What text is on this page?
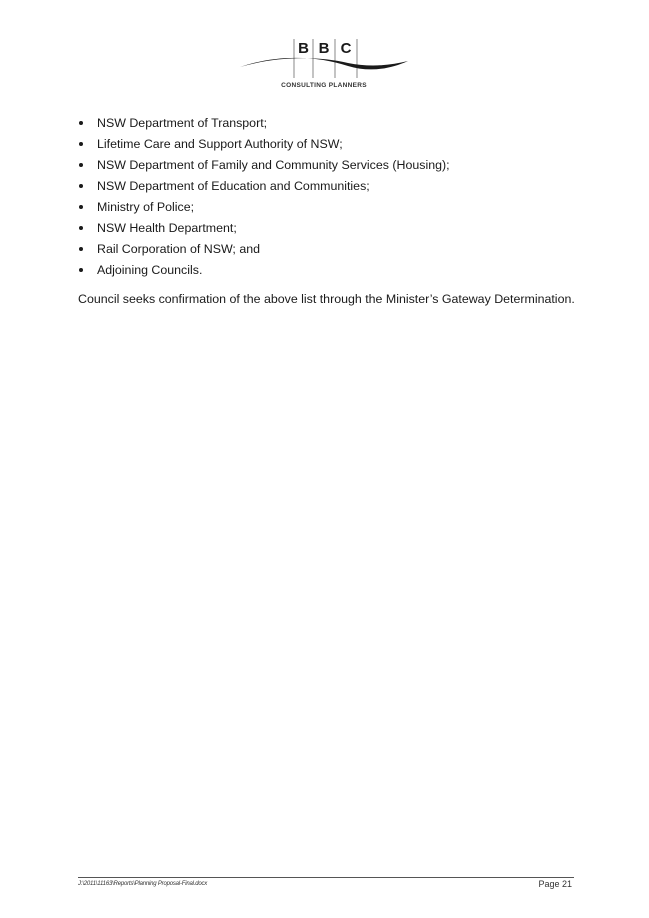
B B C
CONSULTING PLANNERS
NSW Department of Transport;
Lifetime Care and Support Authority of NSW;
NSW Department of Family and Community Services (Housing);
NSW Department of Education and Communities;
Ministry of Police;
NSW Health Department;
Rail Corporation of NSW; and
Adjoining Councils.

Council seeks confirmation of the above list through the Minister’s Gateway Determination.

J:\2011\11163\Reports\Planning Proposal-Final.docx	Page 21
